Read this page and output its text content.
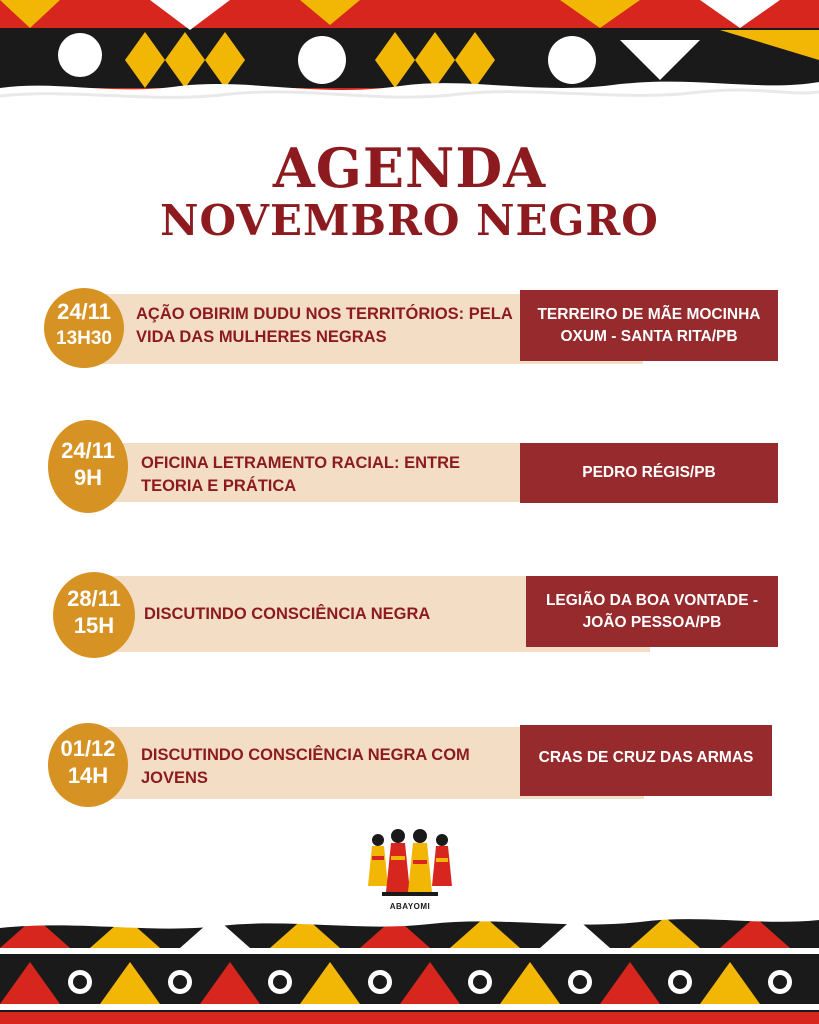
AGENDA
NOVEMBRO NEGRO
24/11
13H30
AÇÃO OBIRIM DUDU NOS TERRITÓRIOS: PELA VIDA DAS MULHERES NEGRAS
TERREIRO DE MÃE MOCINHA OXUM - SANTA RITA/PB
24/11
9H
OFICINA LETRAMENTO RACIAL: ENTRE TEORIA E PRÁTICA
PEDRO RÉGIS/PB
28/11
15H	DISCUTINDO CONSCIÊNCIA NEGRA
LEGIÃO DA BOA VONTADE - JOÃO PESSOA/PB
01/12
14H
DISCUTINDO CONSCIÊNCIA NEGRA COM JOVENS
CRAS DE CRUZ DAS ARMAS
ABAYOMI
